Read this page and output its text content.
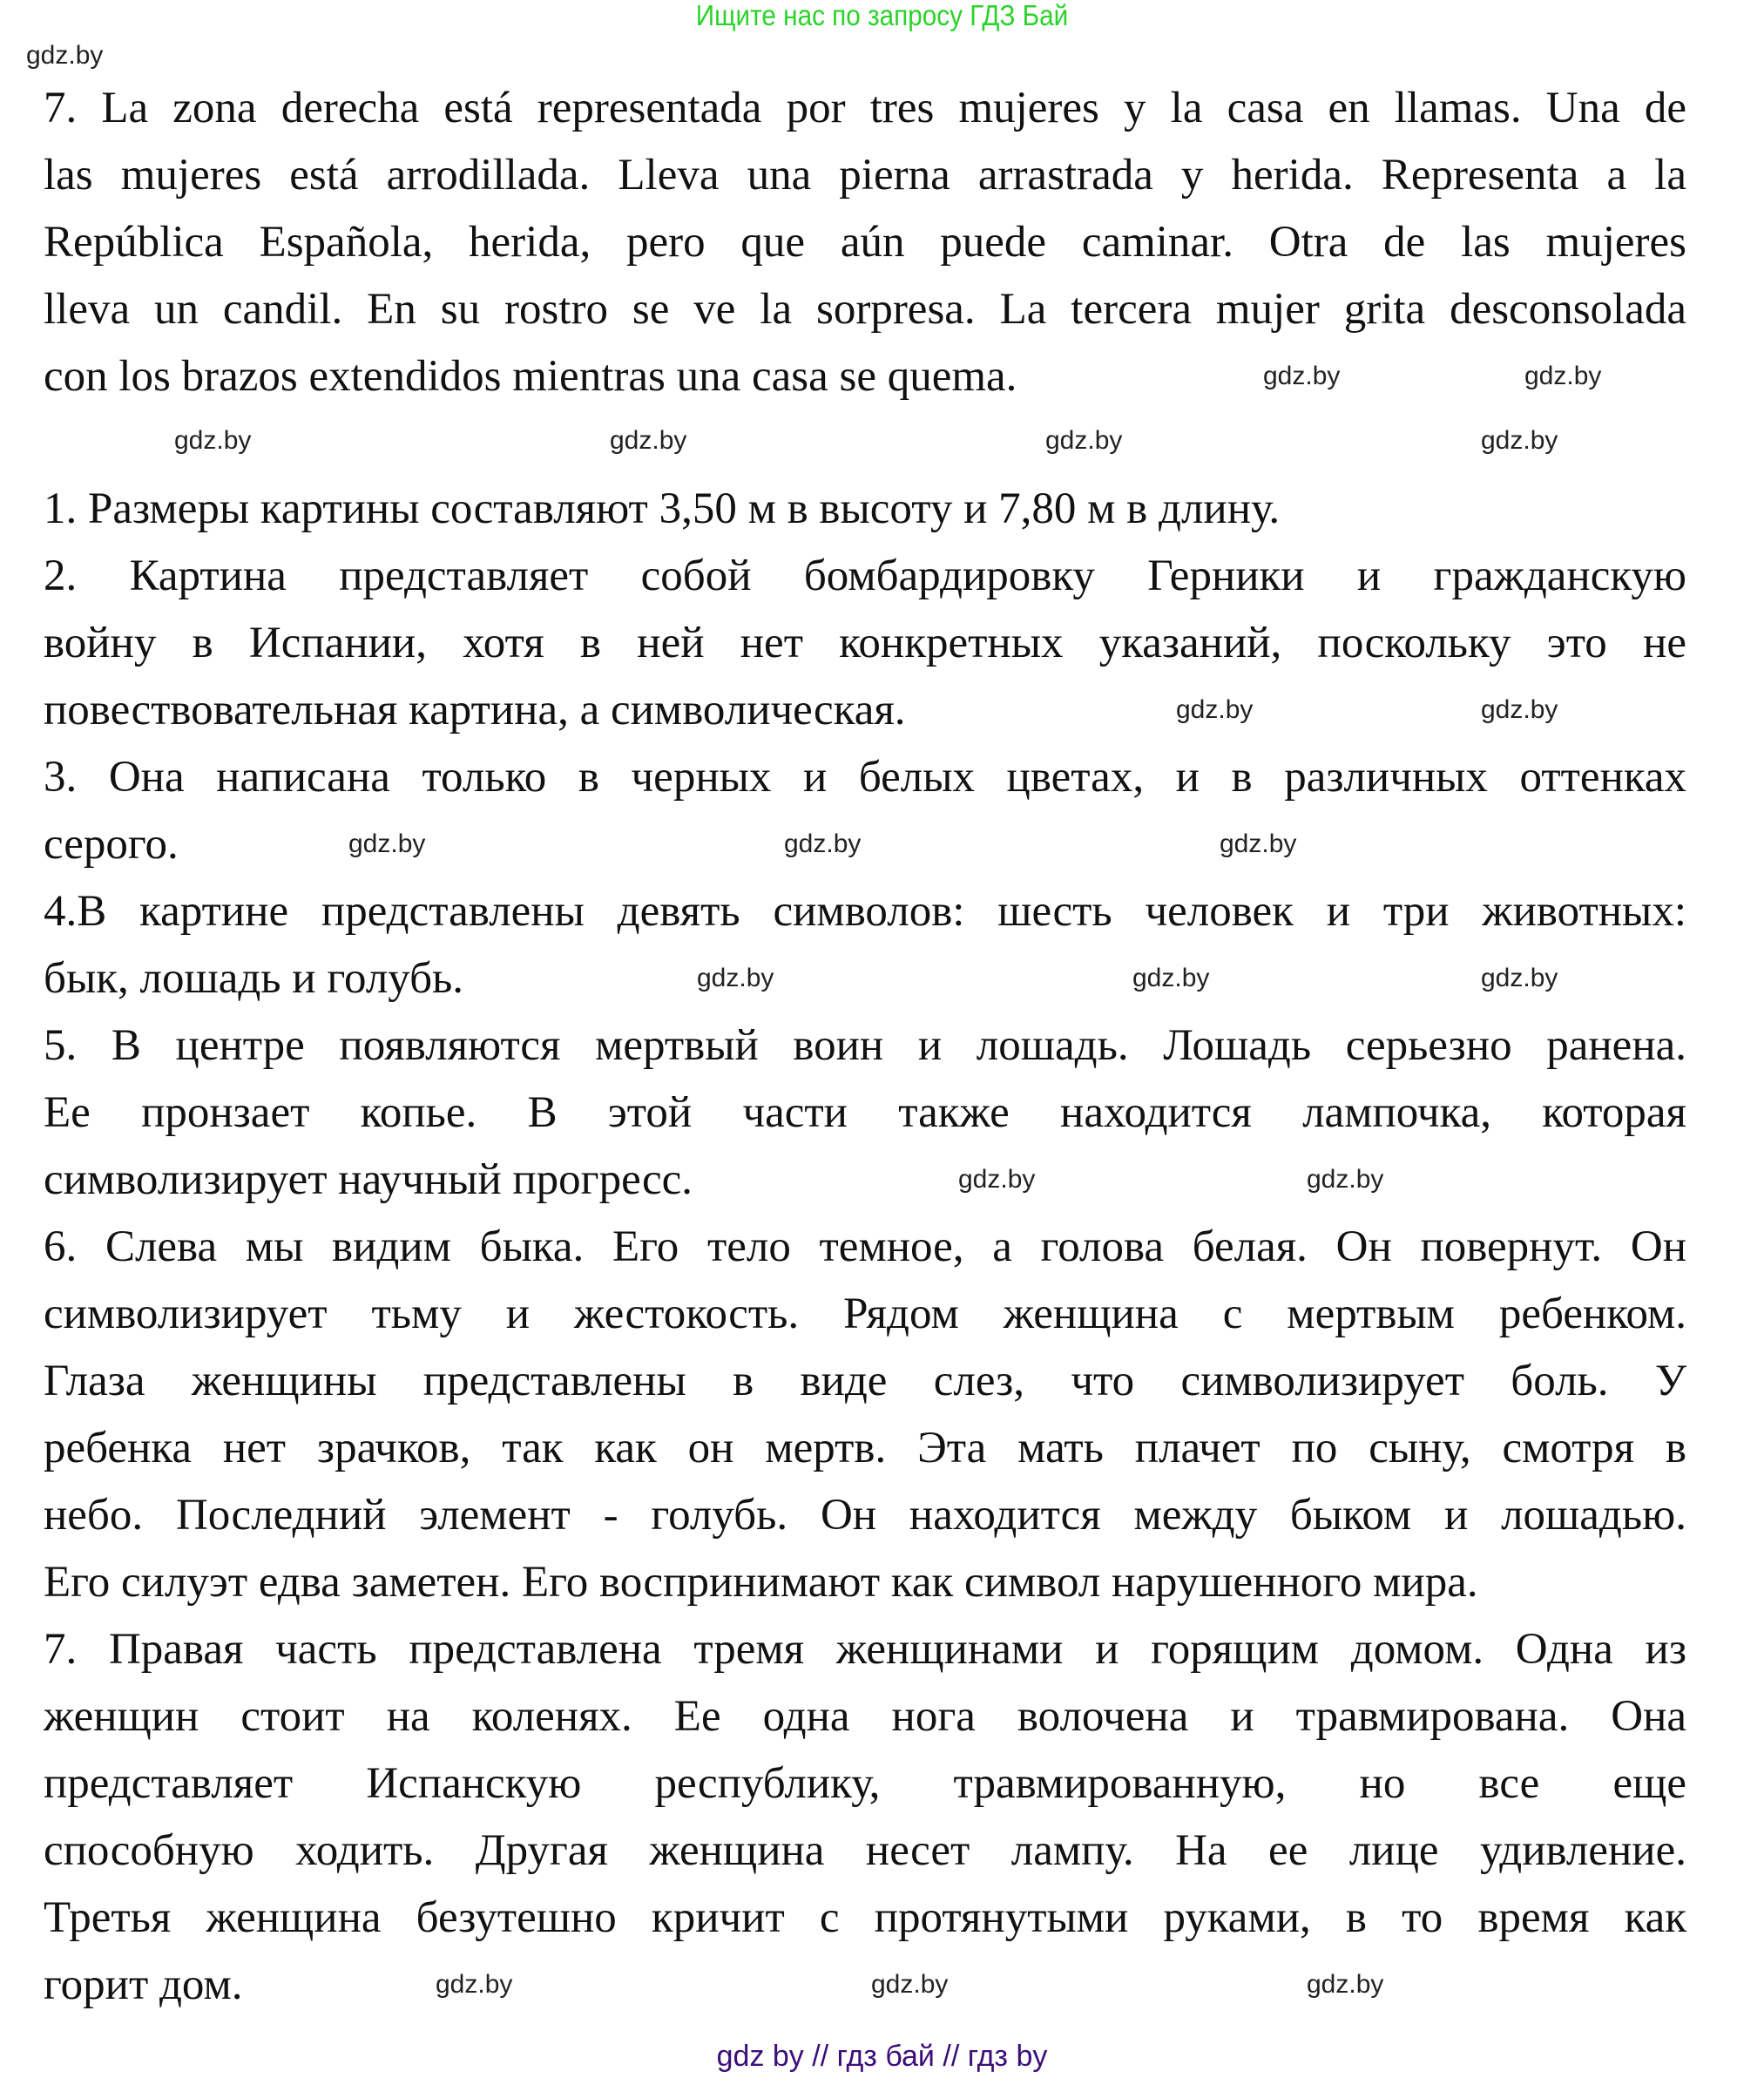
Ищите нас по запросу ГДЗ Бай
7. La zona derecha está representada por tres mujeres y la casa en llamas. Una de
las mujeres está arrodillada. Lleva una pierna arrastrada y herida. Representa a la
República Española, herida, pero que aún puede caminar. Otra de las mujeres
lleva un candil. En su rostro se ve la sorpresa. La tercera mujer grita desconsolada
con los brazos extendidos mientras una casa se quema.
1. Размеры картины составляют 3,50 м в высоту и 7,80 м в длину.
2. Картина представляет собой бомбардировку Герники и гражданскую
войну в Испании, хотя в ней нет конкретных указаний, поскольку это не
повествовательная картина, а символическая.
3. Она написана только в черных и белых цветах, и в различных оттенках
серого.
4.В картине представлены девять символов: шесть человек и три животных:
бык, лошадь и голубь.
5. В центре появляются мертвый воин и лошадь. Лошадь серьезно ранена.
Ее пронзает копье. В этой части также находится лампочка, которая
символизирует научный прогресс.
6. Слева мы видим быка. Его тело темное, а голова белая. Он повернут. Он
символизирует тьму и жестокость. Рядом женщина с мертвым ребенком.
Глаза женщины представлены в виде слез, что символизирует боль. У
ребенка нет зрачков, так как он мертв. Эта мать плачет по сыну, смотря в
небо. Последний элемент - голубь. Он находится между быком и лошадью.
Его силуэт едва заметен. Его воспринимают как символ нарушенного мира.
7. Правая часть представлена тремя женщинами и горящим домом. Одна из
женщин стоит на коленях. Ее одна нога волочена и травмирована. Она
представляет Испанскую республику, травмированную, но все еще
способную ходить. Другая женщина несет лампу. На ее лице удивление.
Третья женщина безутешно кричит с протянутыми руками, в то время как
горит дом.
gdz.by
gdz.by	gdz.by	gdz.by	gdz.by
gdz.by	gdz.by
gdz.by	gdz.by
gdz.by	gdz.by	gdz.by
gdz.by	gdz.by	gdz.by
gdz.by	gdz.by
gdz.by	gdz.by	gdz.by
gdz by // гдз бай // гдз by
